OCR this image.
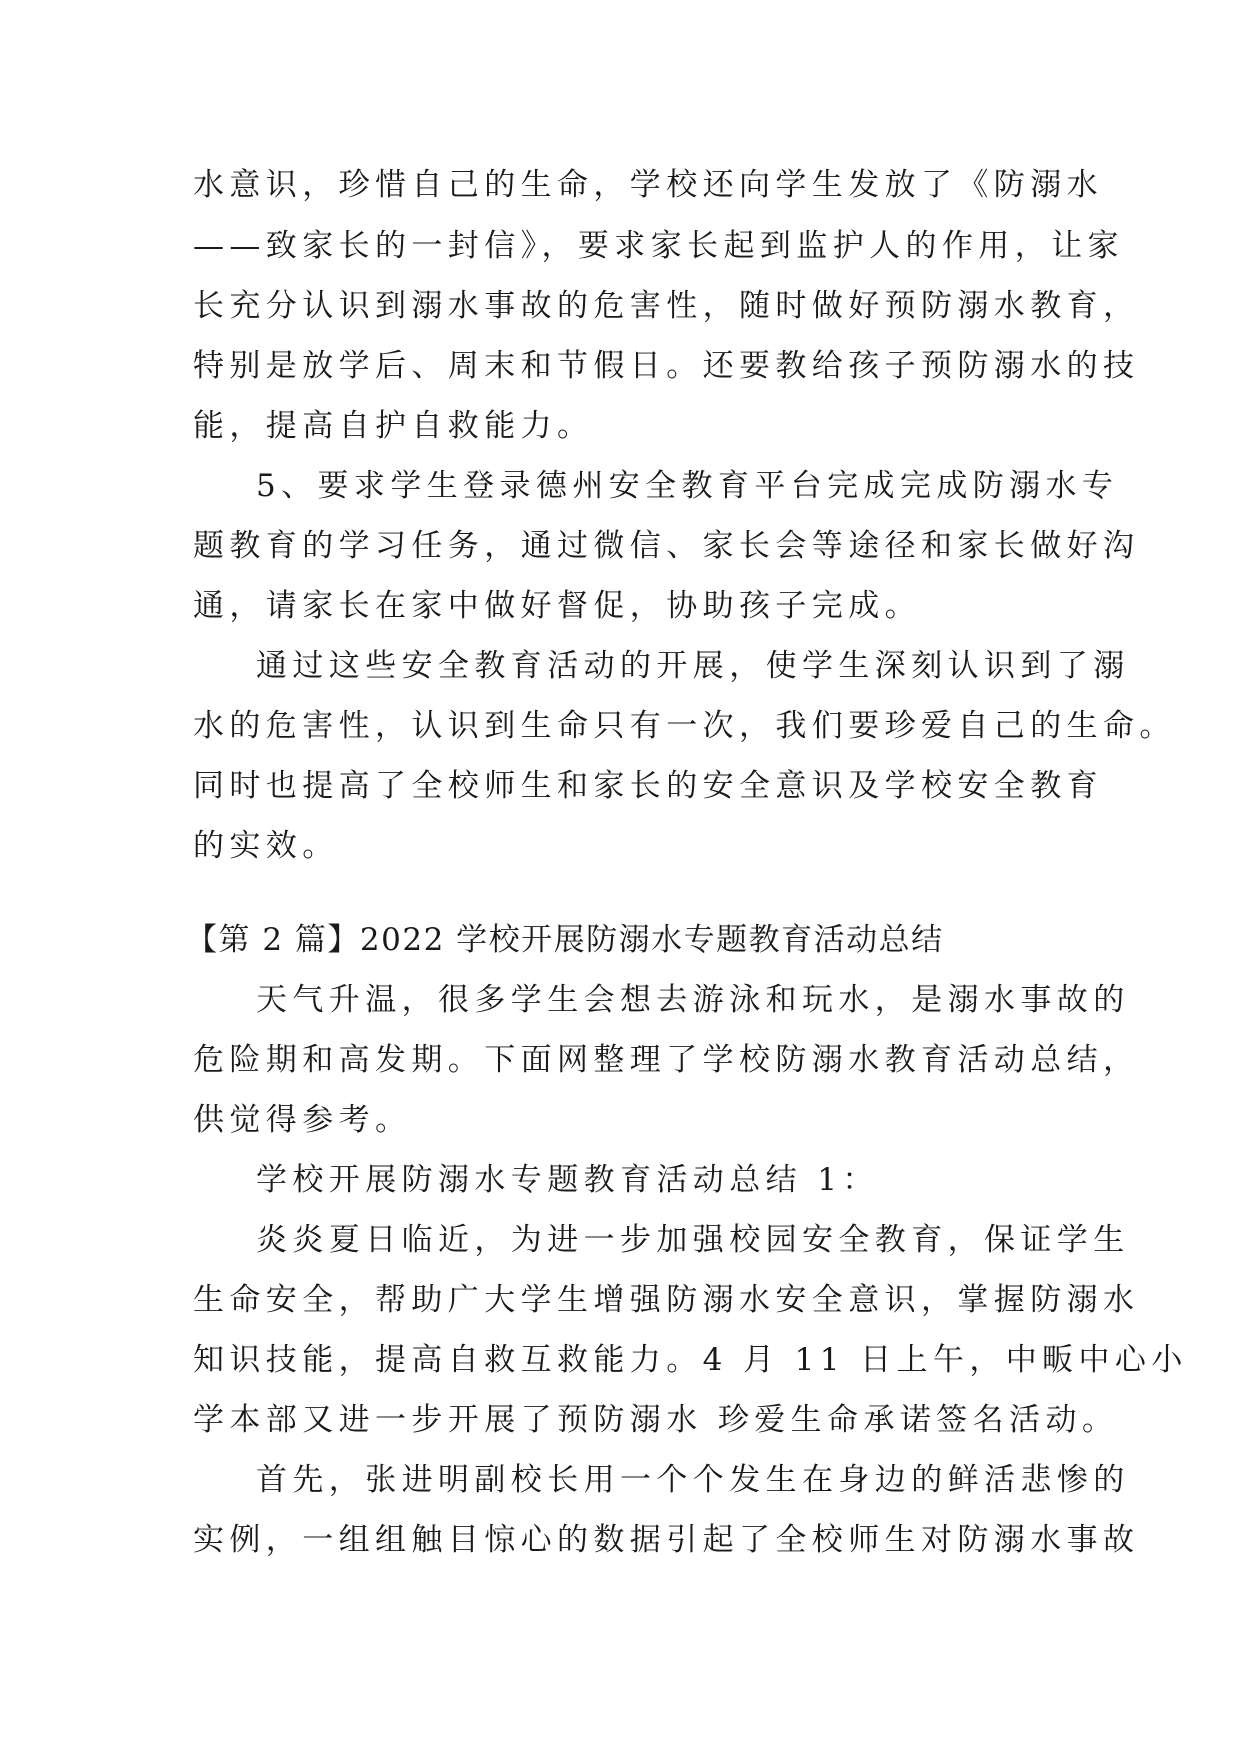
水意识，珍惜自己的生命，学校还向学生发放了《防溺水
——致家长的一封信》，要求家长起到监护人的作用，让家
长充分认识到溺水事故的危害性，随时做好预防溺水教育，
特别是放学后、周末和节假日。还要教给孩子预防溺水的技
能，提高自护自救能力。
5、要求学生登录德州安全教育平台完成完成防溺水专
题教育的学习任务，通过微信、家长会等途径和家长做好沟
通，请家长在家中做好督促，协助孩子完成。
通过这些安全教育活动的开展，使学生深刻认识到了溺
水的危害性，认识到生命只有一次，我们要珍爱自己的生命。
同时也提高了全校师生和家长的安全意识及学校安全教育
的实效。
【第 2 篇】2022 学校开展防溺水专题教育活动总结
天气升温，很多学生会想去游泳和玩水，是溺水事故的
危险期和高发期。下面网整理了学校防溺水教育活动总结，
供觉得参考。
学校开展防溺水专题教育活动总结 1：
炎炎夏日临近，为进一步加强校园安全教育，保证学生
生命安全，帮助广大学生增强防溺水安全意识，掌握防溺水
知识技能，提高自救互救能力。4 月 11 日上午，中畈中心小
学本部又进一步开展了预防溺水 珍爱生命承诺签名活动。
首先，张进明副校长用一个个发生在身边的鲜活悲惨的
实例，一组组触目惊心的数据引起了全校师生对防溺水事故
